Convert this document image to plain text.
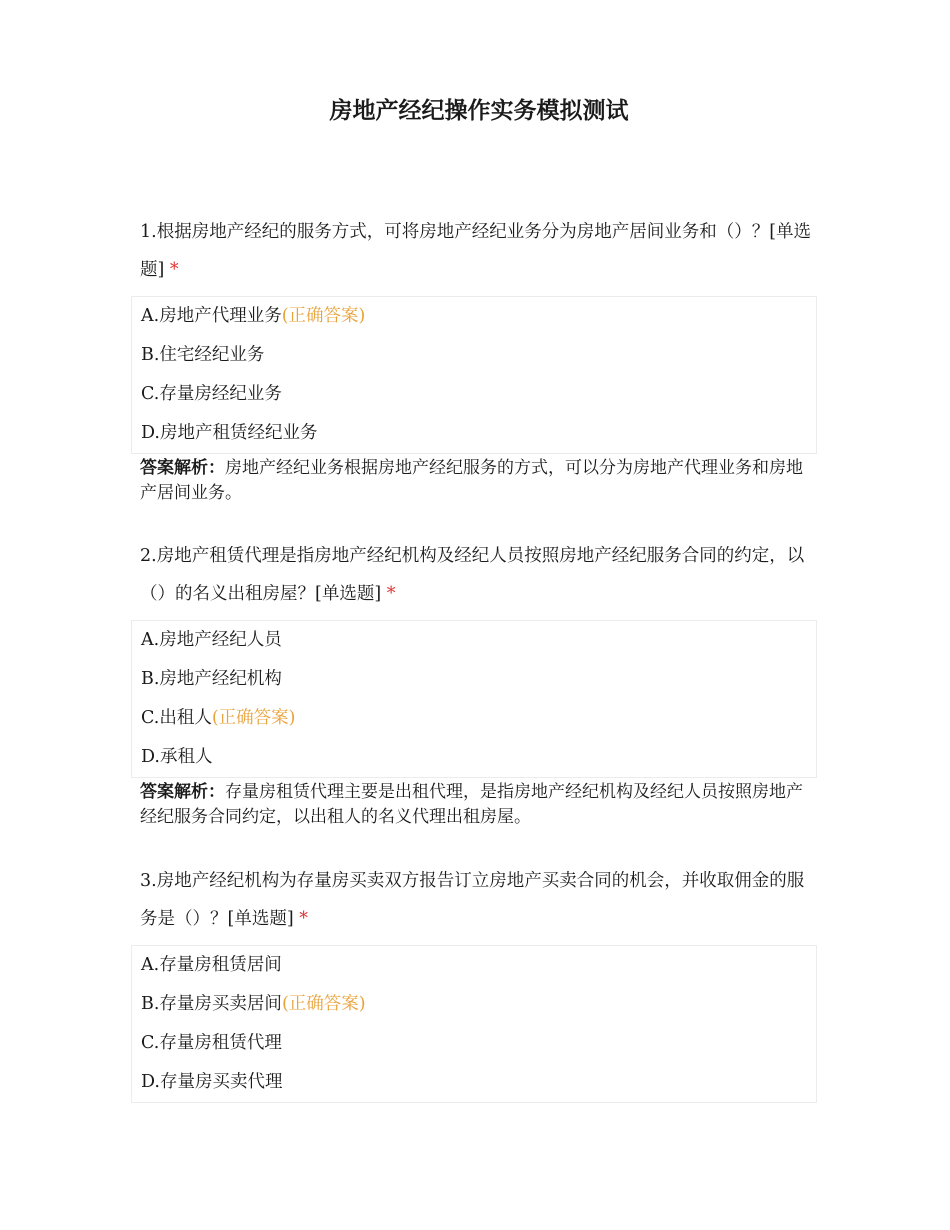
房地产经纪操作实务模拟测试

1.根据房地产经纪的服务方式，可将房地产经纪业务分为房地产居间业务和（）？[单选题] *

A.房地产代理业务(正确答案)
B.住宅经纪业务
C.存量房经纪业务
D.房地产租赁经纪业务
答案解析：房地产经纪业务根据房地产经纪服务的方式，可以分为房地产代理业务和房地产居间业务。

2.房地产租赁代理是指房地产经纪机构及经纪人员按照房地产经纪服务合同的约定，以（）的名义出租房屋？[单选题] *

A.房地产经纪人员
B.房地产经纪机构
C.出租人(正确答案)
D.承租人
答案解析：存量房租赁代理主要是出租代理，是指房地产经纪机构及经纪人员按照房地产经纪服务合同约定，以出租人的名义代理出租房屋。

3.房地产经纪机构为存量房买卖双方报告订立房地产买卖合同的机会，并收取佣金的服务是（）？[单选题] *

A.存量房租赁居间
B.存量房买卖居间(正确答案)
C.存量房租赁代理
D.存量房买卖代理
